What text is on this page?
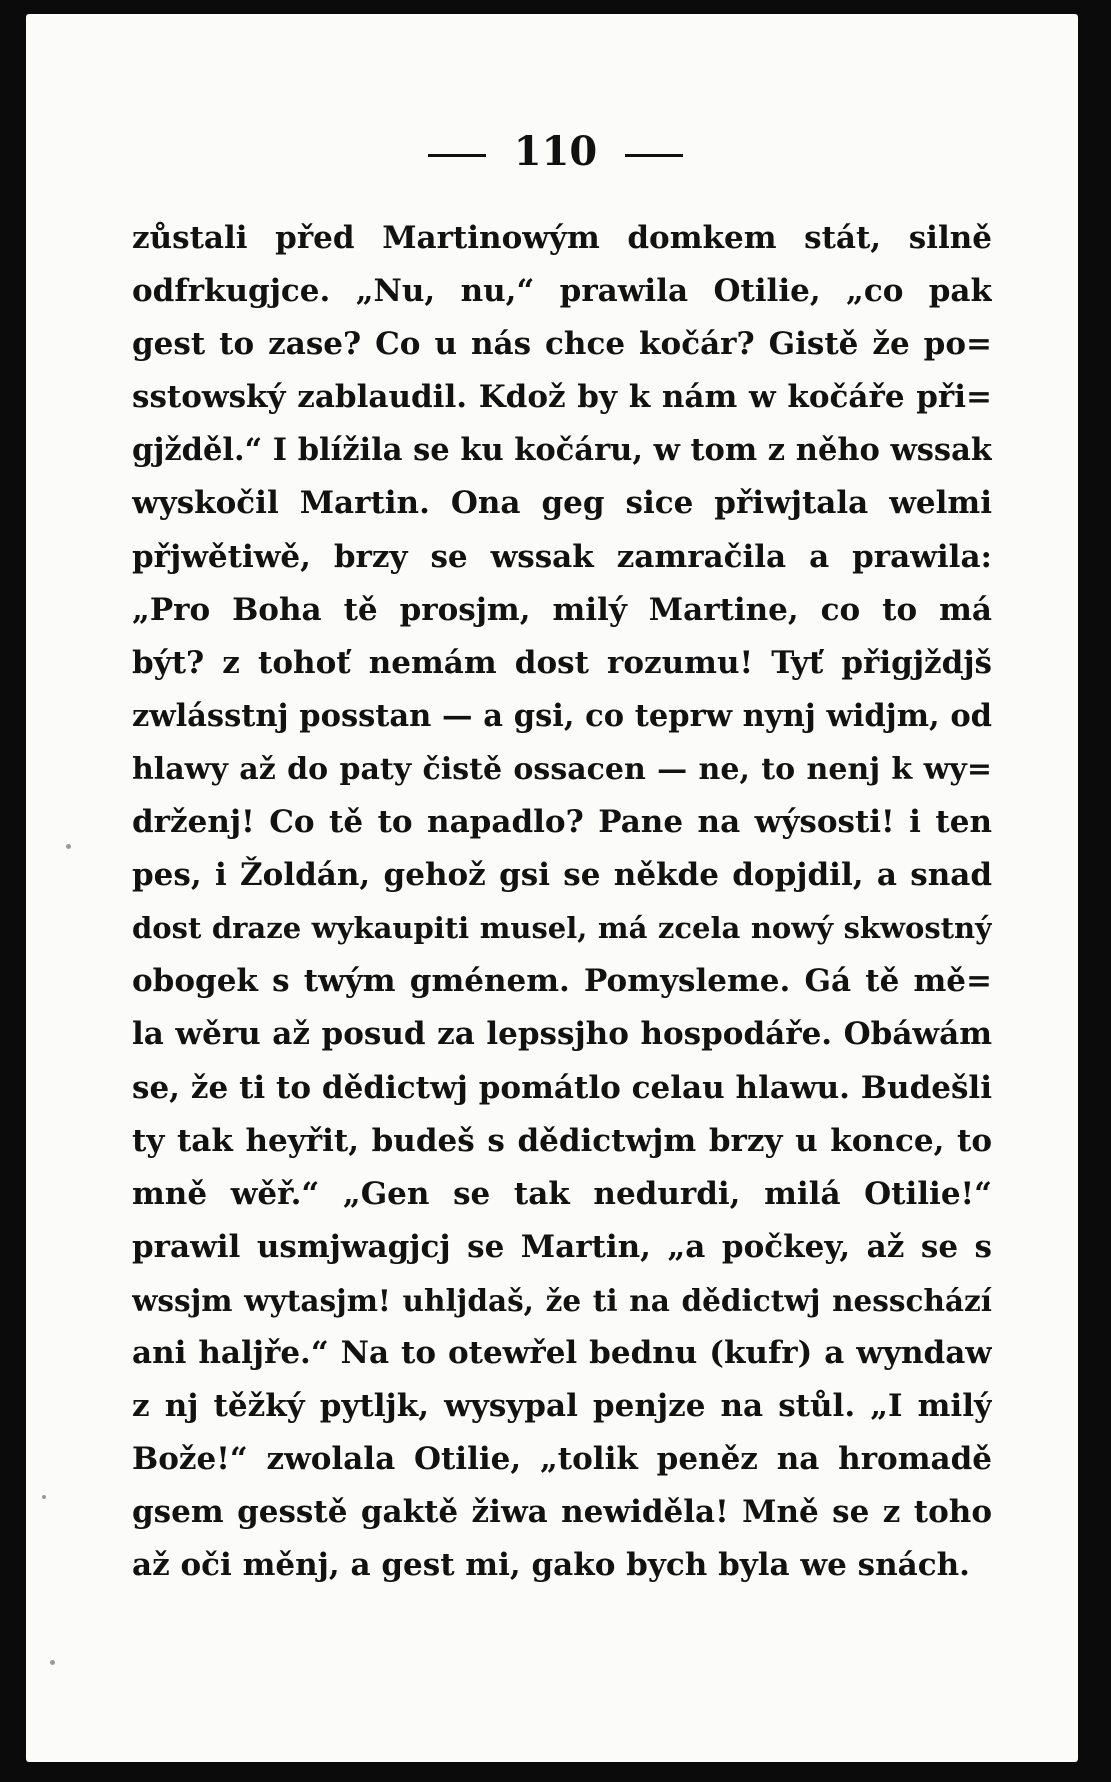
110
zůstali před Martinowým domkem stát, silně
odfrkugjce. „Nu, nu,“ prawila Otilie, „co pak
gest to zase? Co u nás chce kočár? Gistě že po=
sstowský zablaudil. Kdož by k nám w kočáře při=
gjžděl.“ I blížila se ku kočáru, w tom z něho wssak
wyskočil Martin. Ona geg sice přiwjtala welmi
přjwětiwě, brzy se wssak zamračila a prawila:
„Pro Boha tě prosjm, milý Martine, co to má
být? z tohoť nemám dost rozumu! Tyť přigjždjš
zwlásstnj posstan — a gsi, co teprw nynj widjm, od
hlawy až do paty čistě ossacen — ne, to nenj k wy=
drženj! Co tě to napadlo? Pane na wýsosti! i ten
pes, i Žoldán, gehož gsi se někde dopjdil, a snad
dost draze wykaupiti musel, má zcela nowý skwostný
obogek s twým gménem. Pomysleme. Gá tě mě=
la wěru až posud za lepssjho hospodáře. Obáwám
se, že ti to dědictwj pomátlo celau hlawu. Budešli
ty tak heyřit, budeš s dědictwjm brzy u konce, to
mně wěř.“ „Gen se tak nedurdi, milá Otilie!“
prawil usmjwagjcj se Martin, „a počkey, až se s
wssjm wytasjm! uhljdaš, že ti na dědictwj nesschází
ani haljře.“ Na to otewřel bednu (kufr) a wyndaw
z nj těžký pytljk, wysypal penjze na stůl. „I milý
Bože!“ zwolala Otilie, „tolik peněz na hromadě
gsem gesstě gaktě žiwa newiděla! Mně se z toho
až oči měnj, a gest mi, gako bych byla we snách.
